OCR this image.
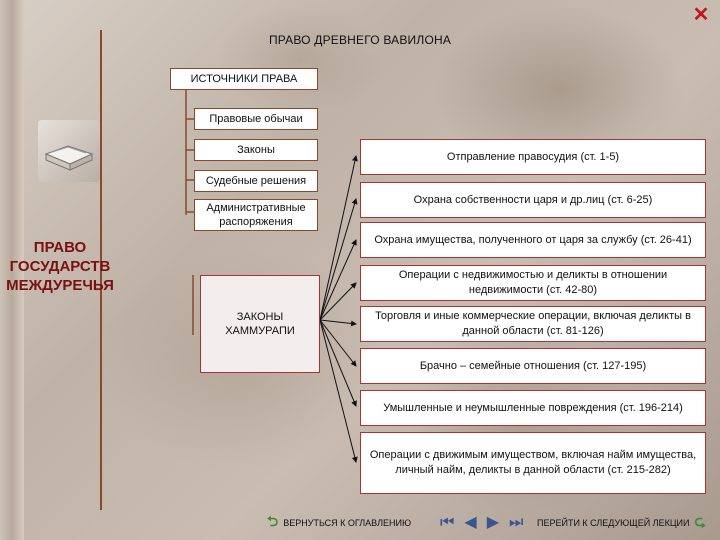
ПРАВО ДРЕВНЕГО ВАВИЛОНА
✕
ПРАВО
ГОСУДАРСТВ
МЕЖДУРЕЧЬЯ
ИСТОЧНИКИ ПРАВА
Правовые обычаи
Законы
Судебные решения
Административные распоряжения
ЗАКОНЫ ХАММУРАПИ
Отправление правосудия (ст. 1-5)
Охрана собственности царя и др.лиц (ст. 6-25)
Охрана имущества, полученного от царя за службу (ст. 26-41)
Операции с недвижимостью и деликты в отношении недвижимости (ст. 42-80)
Торговля и иные коммерческие операции, включая деликты в данной области (ст. 81-126)
Брачно – семейные отношения (ст. 127-195)
Умышленные и неумышленные повреждения (ст. 196-214)
Операции с движимым имуществом, включая найм имущества, личный найм, деликты в данной области (ст. 215-282)
⮌ ВЕРНУТЬСЯ К ОГЛАВЛЕНИЮ ⏮ ◀ ▶ ⏭ ПЕРЕЙТИ К СЛЕДУЮЩЕЙ ЛЕКЦИИ ⮎
